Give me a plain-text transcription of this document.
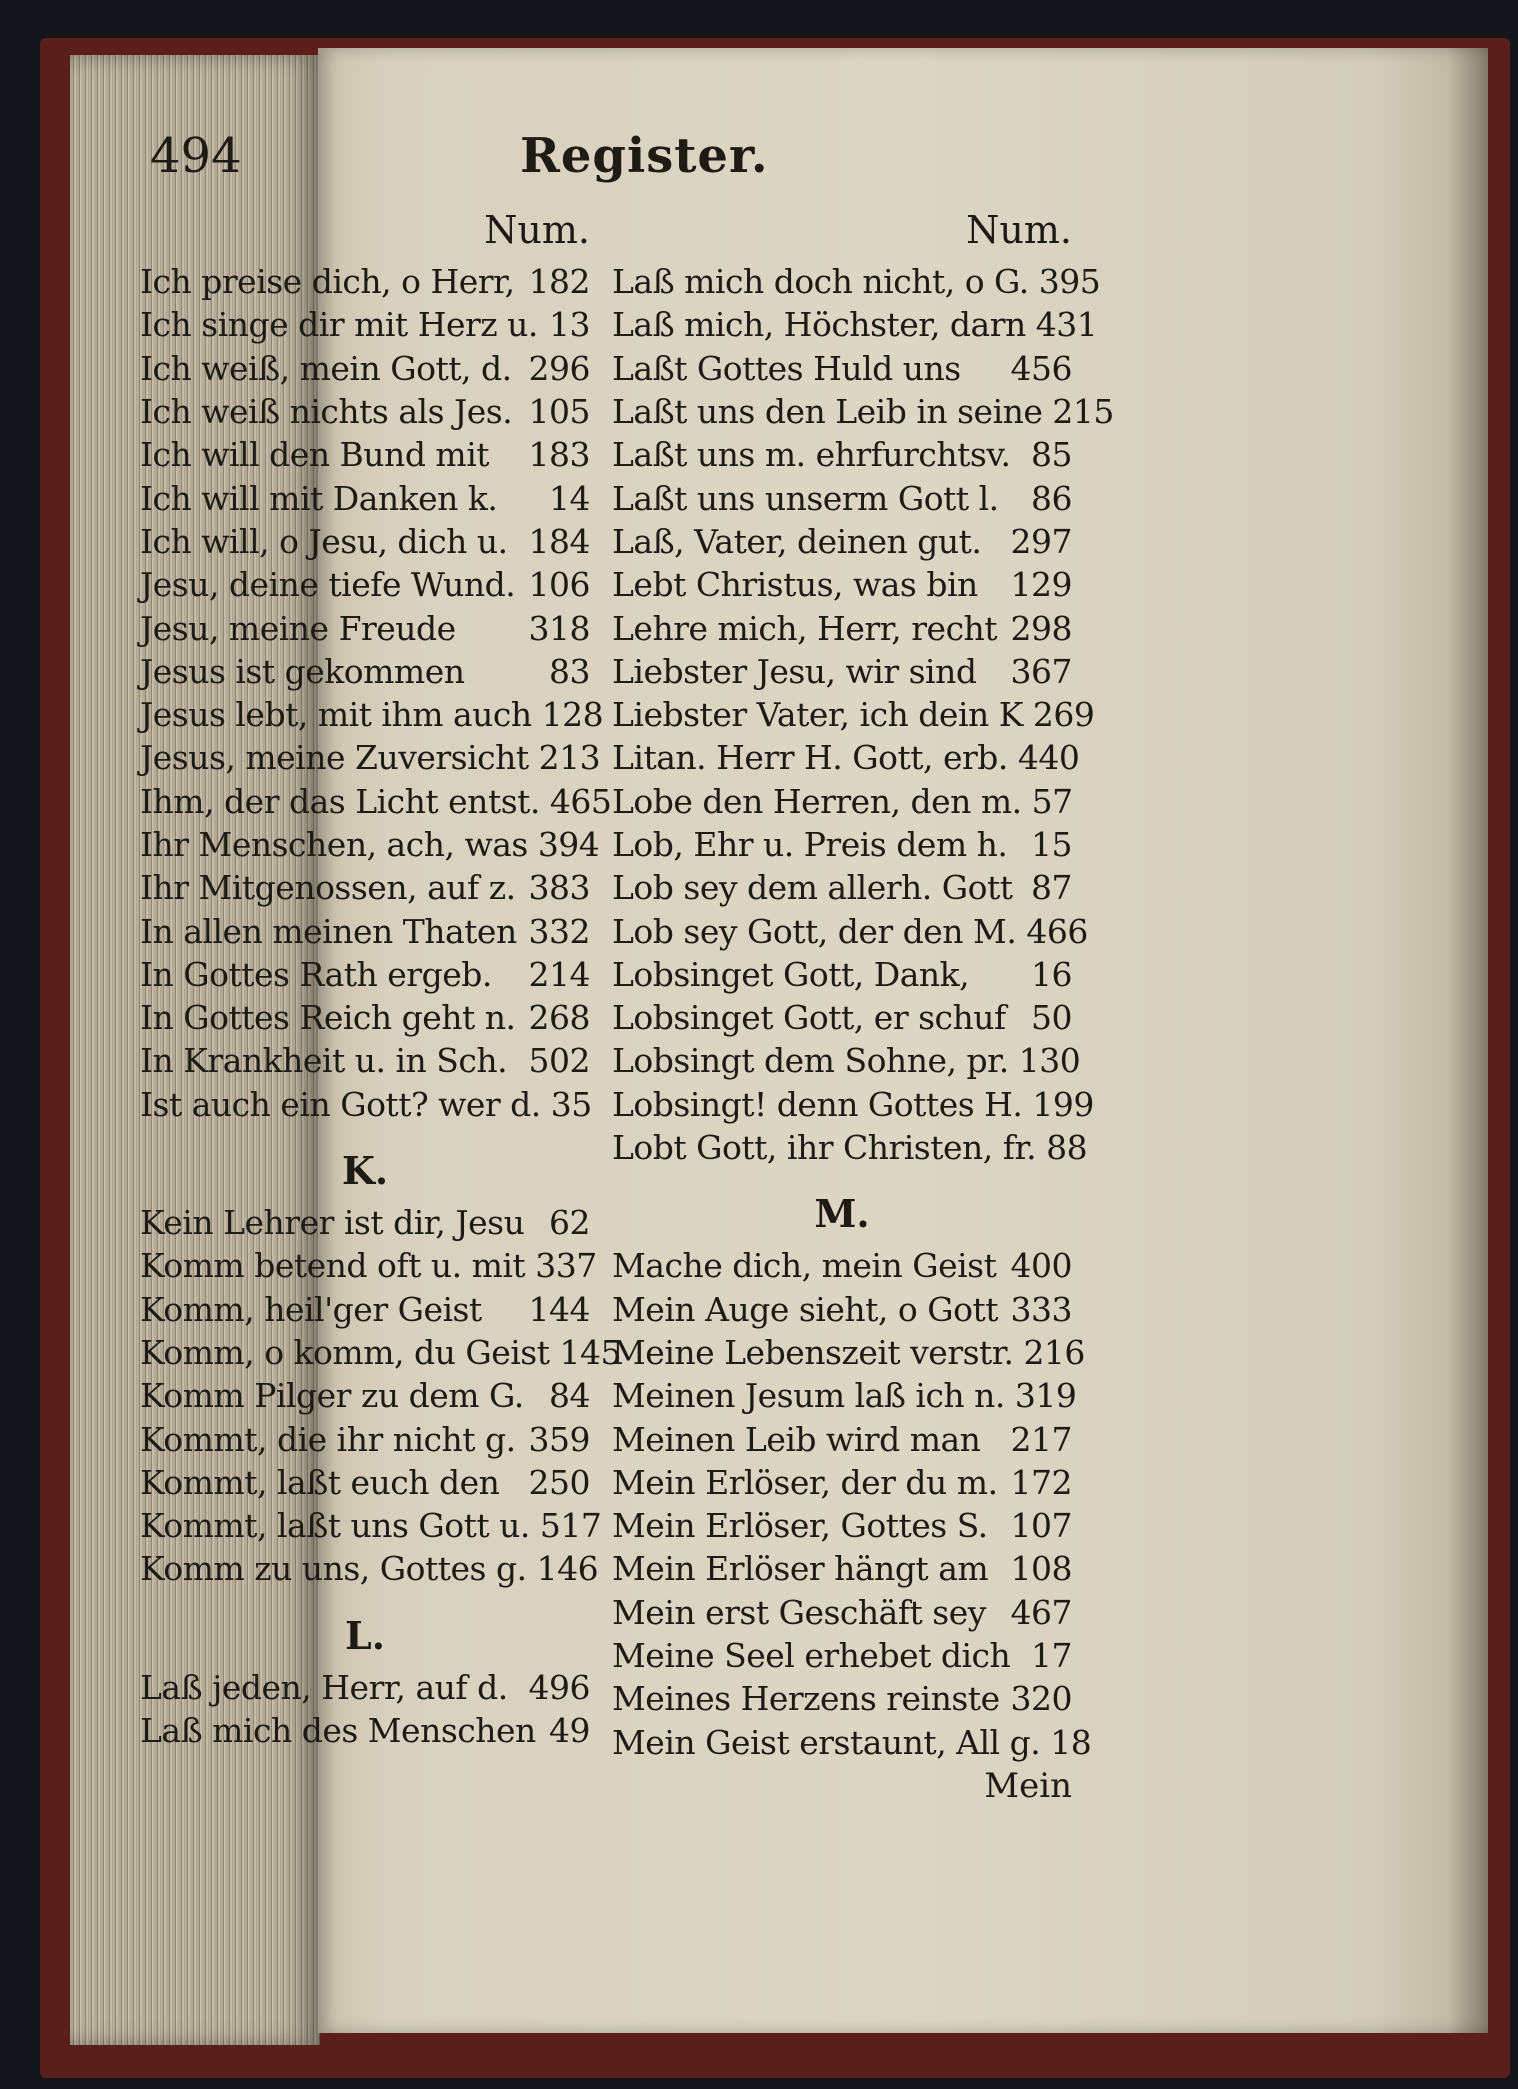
494	Register.
Num.
Ich preise dich, o Herr, 182
Ich singe dir mit Herz u. 13
Ich weiß, mein Gott, d. 296
Ich weiß nichts als Jes. 105
Ich will den Bund mit	183
Ich will mit Danken k.	14
Ich will, o Jesu, dich u. 184
Jesu, deine tiefe Wund. 106
Jesu, meine Freude	318
Jesus ist gekommen	83
Jesus lebt, mit ihm auch 128
Jesus, meine Zuversicht 213
Ihm, der das Licht entst. 465
Ihr Menschen, ach, was 394
Ihr Mitgenossen, auf z. 383
In allen meinen Thaten 332
In Gottes Rath ergeb.	214
In Gottes Reich geht n. 268
In Krankheit u. in Sch. 502
Ist auch ein Gott? wer d. 35
K.
Kein Lehrer ist dir, Jesu 62
Komm betend oft u. mit 337
Komm, heil'ger Geist	144
Komm, o komm, du Geist 145
Komm Pilger zu dem G. 84
Kommt, die ihr nicht g. 359
Kommt, laßt euch den 250
Kommt, laßt uns Gott u. 517
Komm zu uns, Gottes g. 146
L.
Laß jeden, Herr, auf d. 496
Laß mich des Menschen 49
Num.
Laß mich doch nicht, o G. 395
Laß mich, Höchster, darn 431
Laßt Gottes Huld uns	456
Laßt uns den Leib in seine 215
Laßt uns m. ehrfurchtsv. 85
Laßt uns unserm Gott l. 86
Laß, Vater, deinen gut. 297
Lebt Christus, was bin 129
Lehre mich, Herr, recht 298
Liebster Jesu, wir sind	367
Liebster Vater, ich dein K 269
Litan. Herr H. Gott, erb. 440
Lobe den Herren, den m. 57
Lob, Ehr u. Preis dem h. 15
Lob sey dem allerh. Gott 87
Lob sey Gott, der den M. 466
Lobsinget Gott, Dank,	16
Lobsinget Gott, er schuf 50
Lobsingt dem Sohne, pr. 130
Lobsingt! denn Gottes H. 199
Lobt Gott, ihr Christen, fr. 88
M.
Mache dich, mein Geist 400
Mein Auge sieht, o Gott 333
Meine Lebenszeit verstr. 216
Meinen Jesum laß ich n. 319
Meinen Leib wird man 217
Mein Erlöser, der du m. 172
Mein Erlöser, Gottes S. 107
Mein Erlöser hängt am 108
Mein erst Geschäft sey 467
Meine Seel erhebet dich 17
Meines Herzens reinste 320
Mein Geist erstaunt, All g. 18
Mein
